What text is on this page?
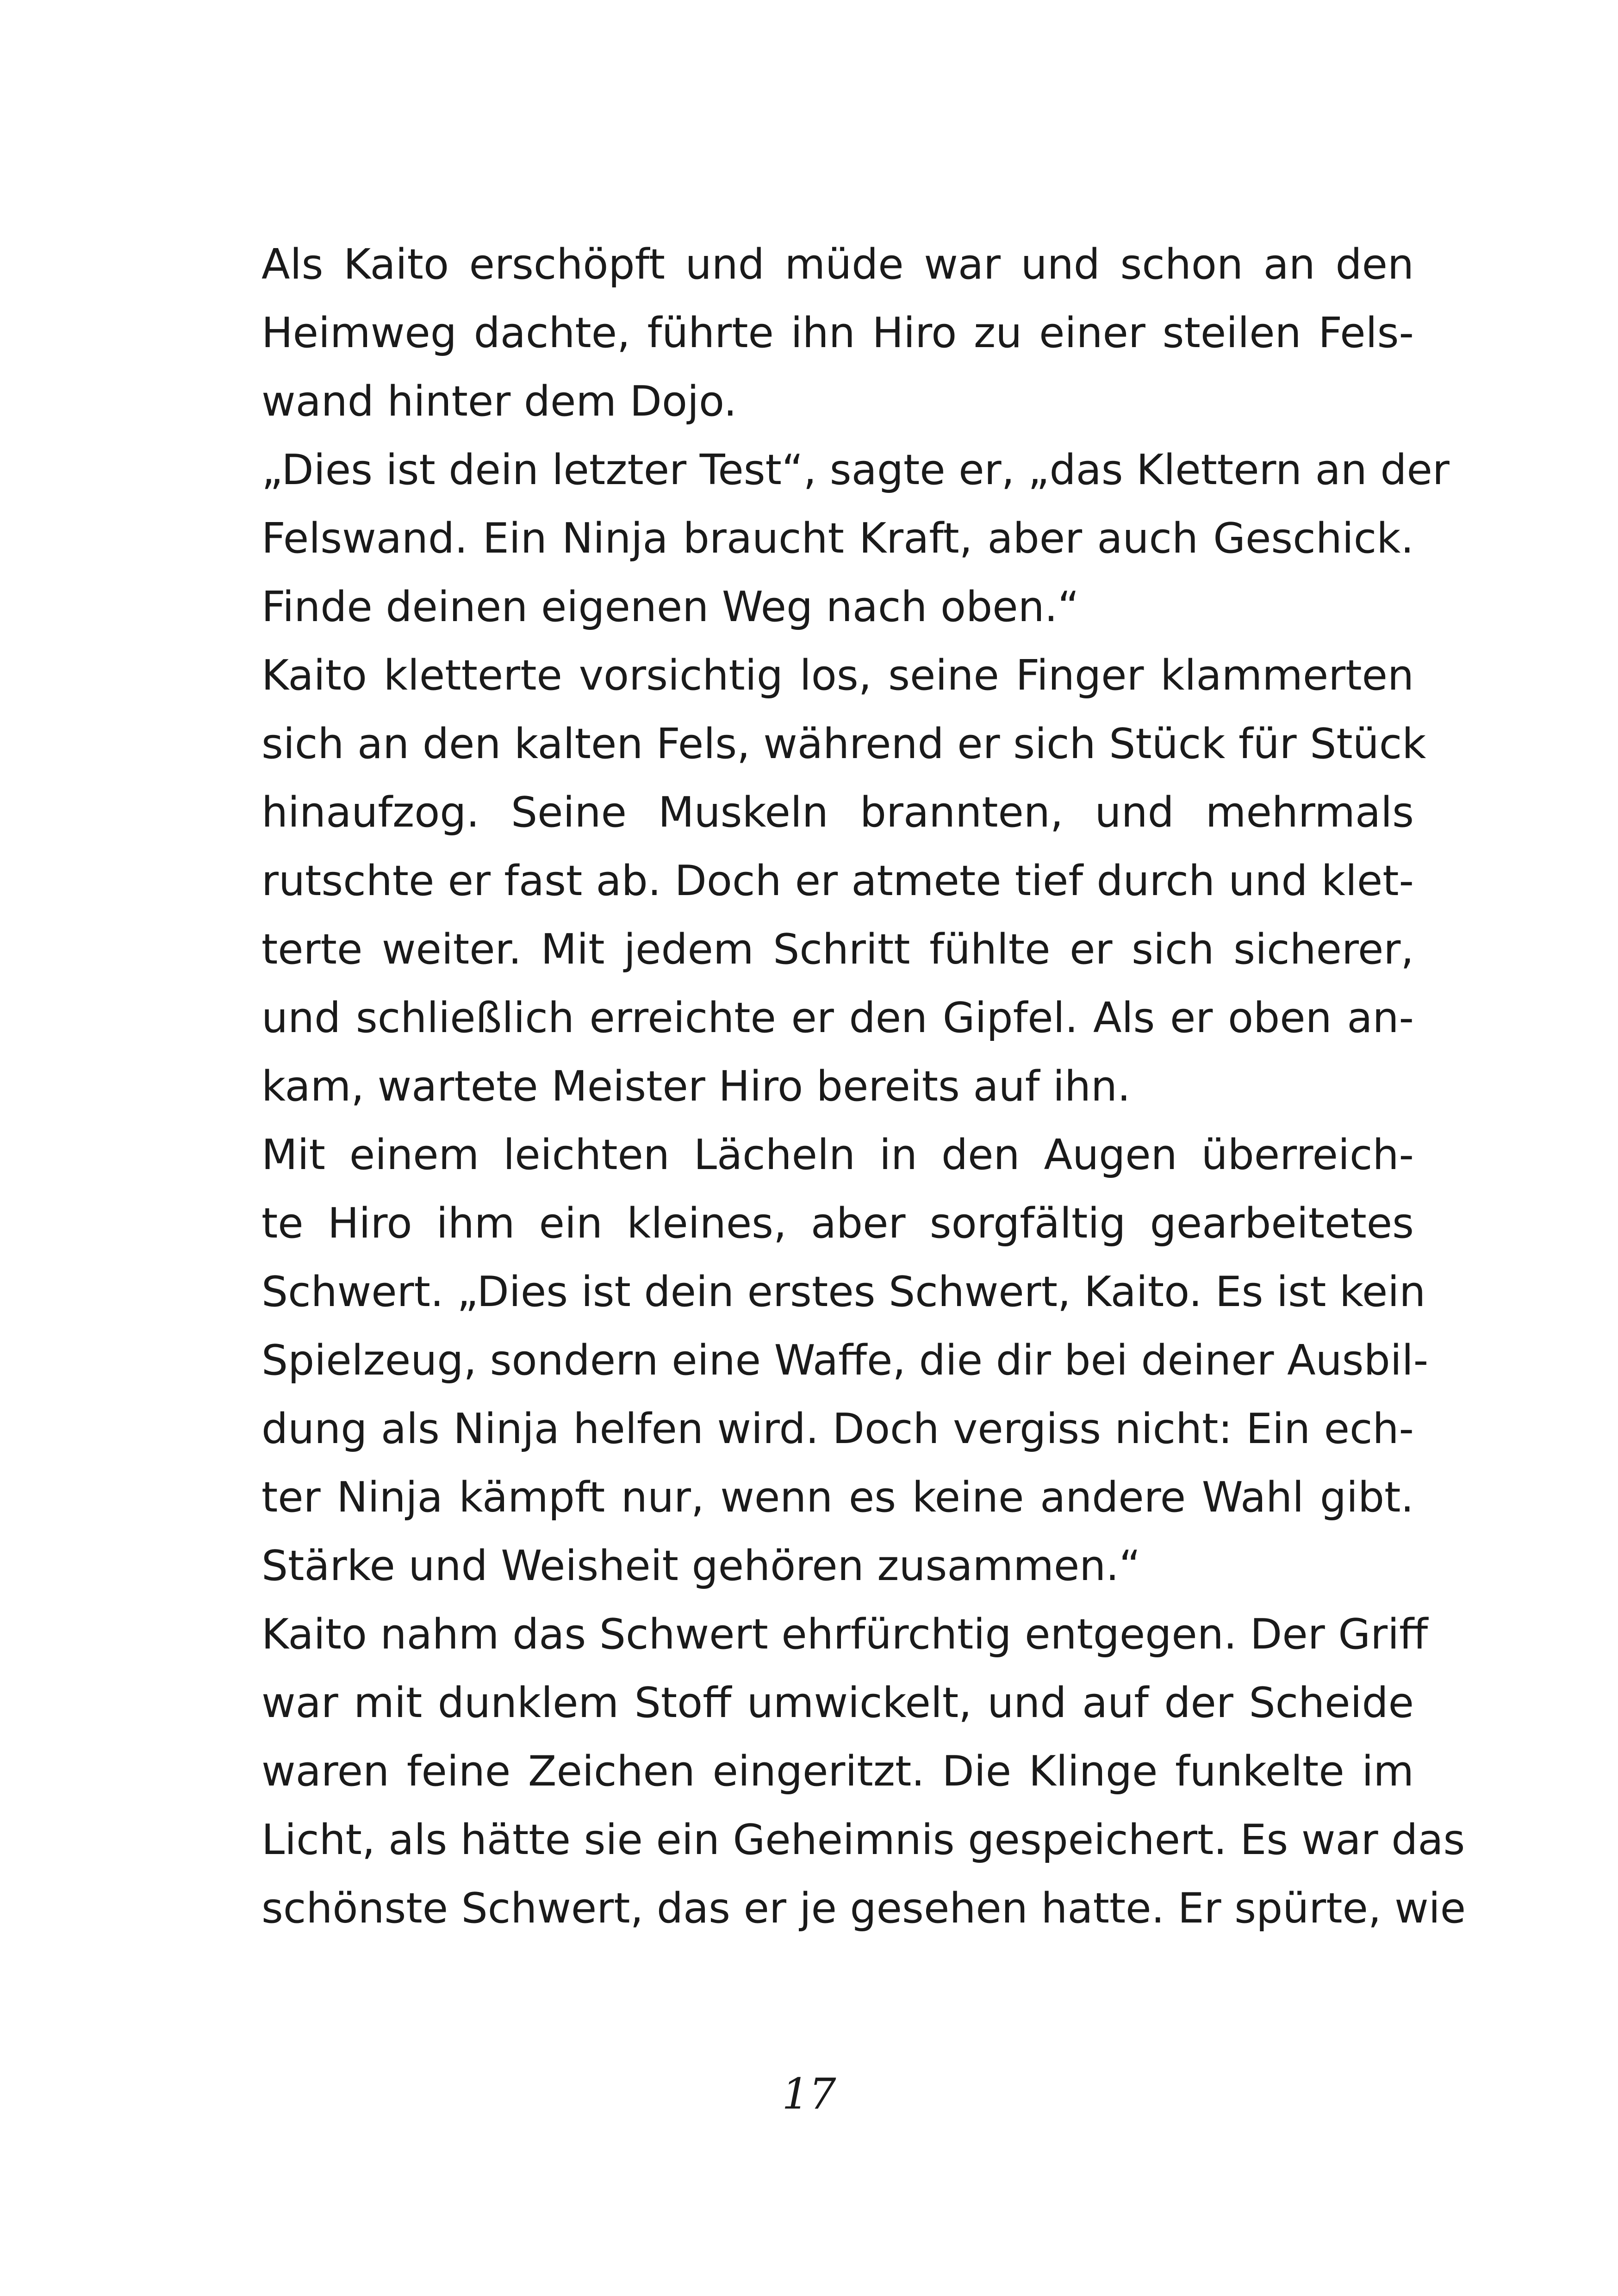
Als Kaito erschöpft und müde war und schon an den
Heimweg dachte, führte ihn Hiro zu einer steilen Fels-
wand hinter dem Dojo.
„Dies ist dein letzter Test“, sagte er, „das Klettern an der
Felswand. Ein Ninja braucht Kraft, aber auch Geschick.
Finde deinen eigenen Weg nach oben.“
Kaito kletterte vorsichtig los, seine Finger klammerten
sich an den kalten Fels, während er sich Stück für Stück
hinaufzog. Seine Muskeln brannten, und mehrmals
rutschte er fast ab. Doch er atmete tief durch und klet-
terte weiter. Mit jedem Schritt fühlte er sich sicherer,
und schließlich erreichte er den Gipfel. Als er oben an-
kam, wartete Meister Hiro bereits auf ihn.
Mit einem leichten Lächeln in den Augen überreich-
te Hiro ihm ein kleines, aber sorgfältig gearbeitetes
Schwert. „Dies ist dein erstes Schwert, Kaito. Es ist kein
Spielzeug, sondern eine Waffe, die dir bei deiner Ausbil-
dung als Ninja helfen wird. Doch vergiss nicht: Ein ech-
ter Ninja kämpft nur, wenn es keine andere Wahl gibt.
Stärke und Weisheit gehören zusammen.“
Kaito nahm das Schwert ehrfürchtig entgegen. Der Griff
war mit dunklem Stoff umwickelt, und auf der Scheide
waren feine Zeichen eingeritzt. Die Klinge funkelte im
Licht, als hätte sie ein Geheimnis gespeichert. Es war das
schönste Schwert, das er je gesehen hatte. Er spürte, wie
17
